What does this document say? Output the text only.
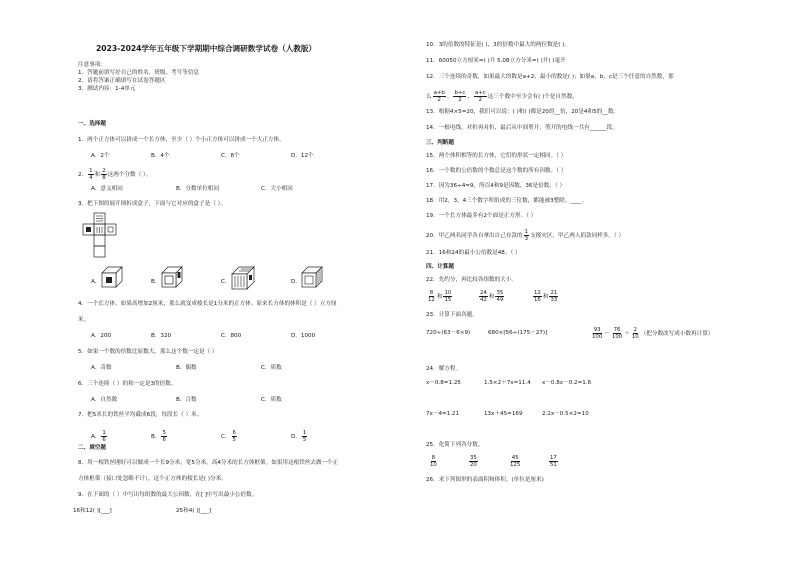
2023-2024学年五年级下学期期中综合调研数学试卷（人教版）
注意事项：
1．答题前填写好自己的姓名、班级、考号等信息
2．请将答案正确填写在试卷答题区
3．测试内容：1-4单元
一、选择题
1．两个正方体可以拼成一个长方体，至少（ ）个小正方体可以拼成一个大正方体。
A．2个	B．4个	C．8个	D．12个
2． $\frac{1}{4}$ 和 $\frac{2}{8}$ 这两个分数（ ）。
A．意义相同	B．分数单位相同	C．大小相同
3．把下图的展开图折成盒子，下面与它对应的盒子是（ ）。
A．	B．	C．	D．
4．一个长方体，如果高增加2厘米，那么就变成棱长是1分米的正方体。原来长方体的体积是（ ）立方厘
米。
A．200	B．320	C．800	D．1000
5．如果一个数的倍数比原数大，那么这个数一定是（ ）
A．奇数	B．偶数	C．质数
6．三个连续（ ）的和一定是3的倍数。
A．自然数	B．合数	C．质数
7．把5米长的铁丝平均截成6段，每段长（ ）米。
A． $\frac{1}{6}$	B． $\frac{5}{6}$	C． $\frac{6}{5}$	D． $\frac{1}{5}$
二、填空题
8．用一根铁丝刚好可以做成一个长9分米，宽5分米，高4分米的长方体框架。如果用这根铁丝去做一个正
方体框架（接口处忽略不计），这个正方体的棱长是( )分米。
9．在下面的（ ）中写出每组数的最大公因数，在[ ]中写出最小公倍数。
16和12( )[___]	25和4( )[___]
10．3的倍数的特征是( )，3的倍数中最大的两位数是( )。
11．60050立方厘米=( )升 5.08立方分米=( )升( )毫升
12．三个连续的奇数，如果最大的数是a+2，最小的数是( )；如果a，b，c是三个任意的自然数，那
么 $\frac{a+b}{2}$ 、 $\frac{b+c}{2}$ 、 $\frac{a+c}{2}$ 这三个数中至少会有( )个是自然数。
13．根据4×5=20，我们可以说：( )和( )都是20的__倍，20是4和5的__数。
14．一根电线，对折再对折，最后从中间剪开，剪开的电线一共有______段。
三、判断题
15．两个体积相等的长方体，它们的形状一定相同。（ ）
16．一个数的公倍数的个数总是这个数的所有因数。（ ）
17．因为36÷4=9，所以4和9是因数，36是倍数。（ ）
18．用2，3，4三个数字所组成的三位数，都能被3整除。____。
19．一个长方体最多有2个面是正方形。（ ）
20．甲乙两名同学各自拿出自己存款的 $\frac{1}{3}$ 支援灾区，甲乙两人捐款同样多。（ ）
21．16和24的最小公倍数是48。（ ）
四、计算题
22．先约分，再比较各组数的大小。
$\frac{8}{12}$ 和 $\frac{10}{15}$	$\frac{24}{42}$ 和 $\frac{35}{49}$	$\frac{12}{16}$ 和 $\frac{21}{33}$
23．计算下面各题。
720÷(63－6×9)	680×[56÷(175－27)]	$\frac{93}{100} - \frac{76}{100} + \frac{2}{10}$ （把分数改写成小数再计算）
24．解方程。
x－0.8=1.25	1.5×2＋7x=11.4 x－0.8x－0.2=1.6
7x－4=1.21	13x＋45=169	2.2x－0.5×2=10
25．化简下列各分数。
$\frac{8}{10}$	$\frac{35}{20}$	$\frac{45}{125}$	$\frac{17}{51}$
26．求下列图形的表面积和体积。(单位是厘米)
